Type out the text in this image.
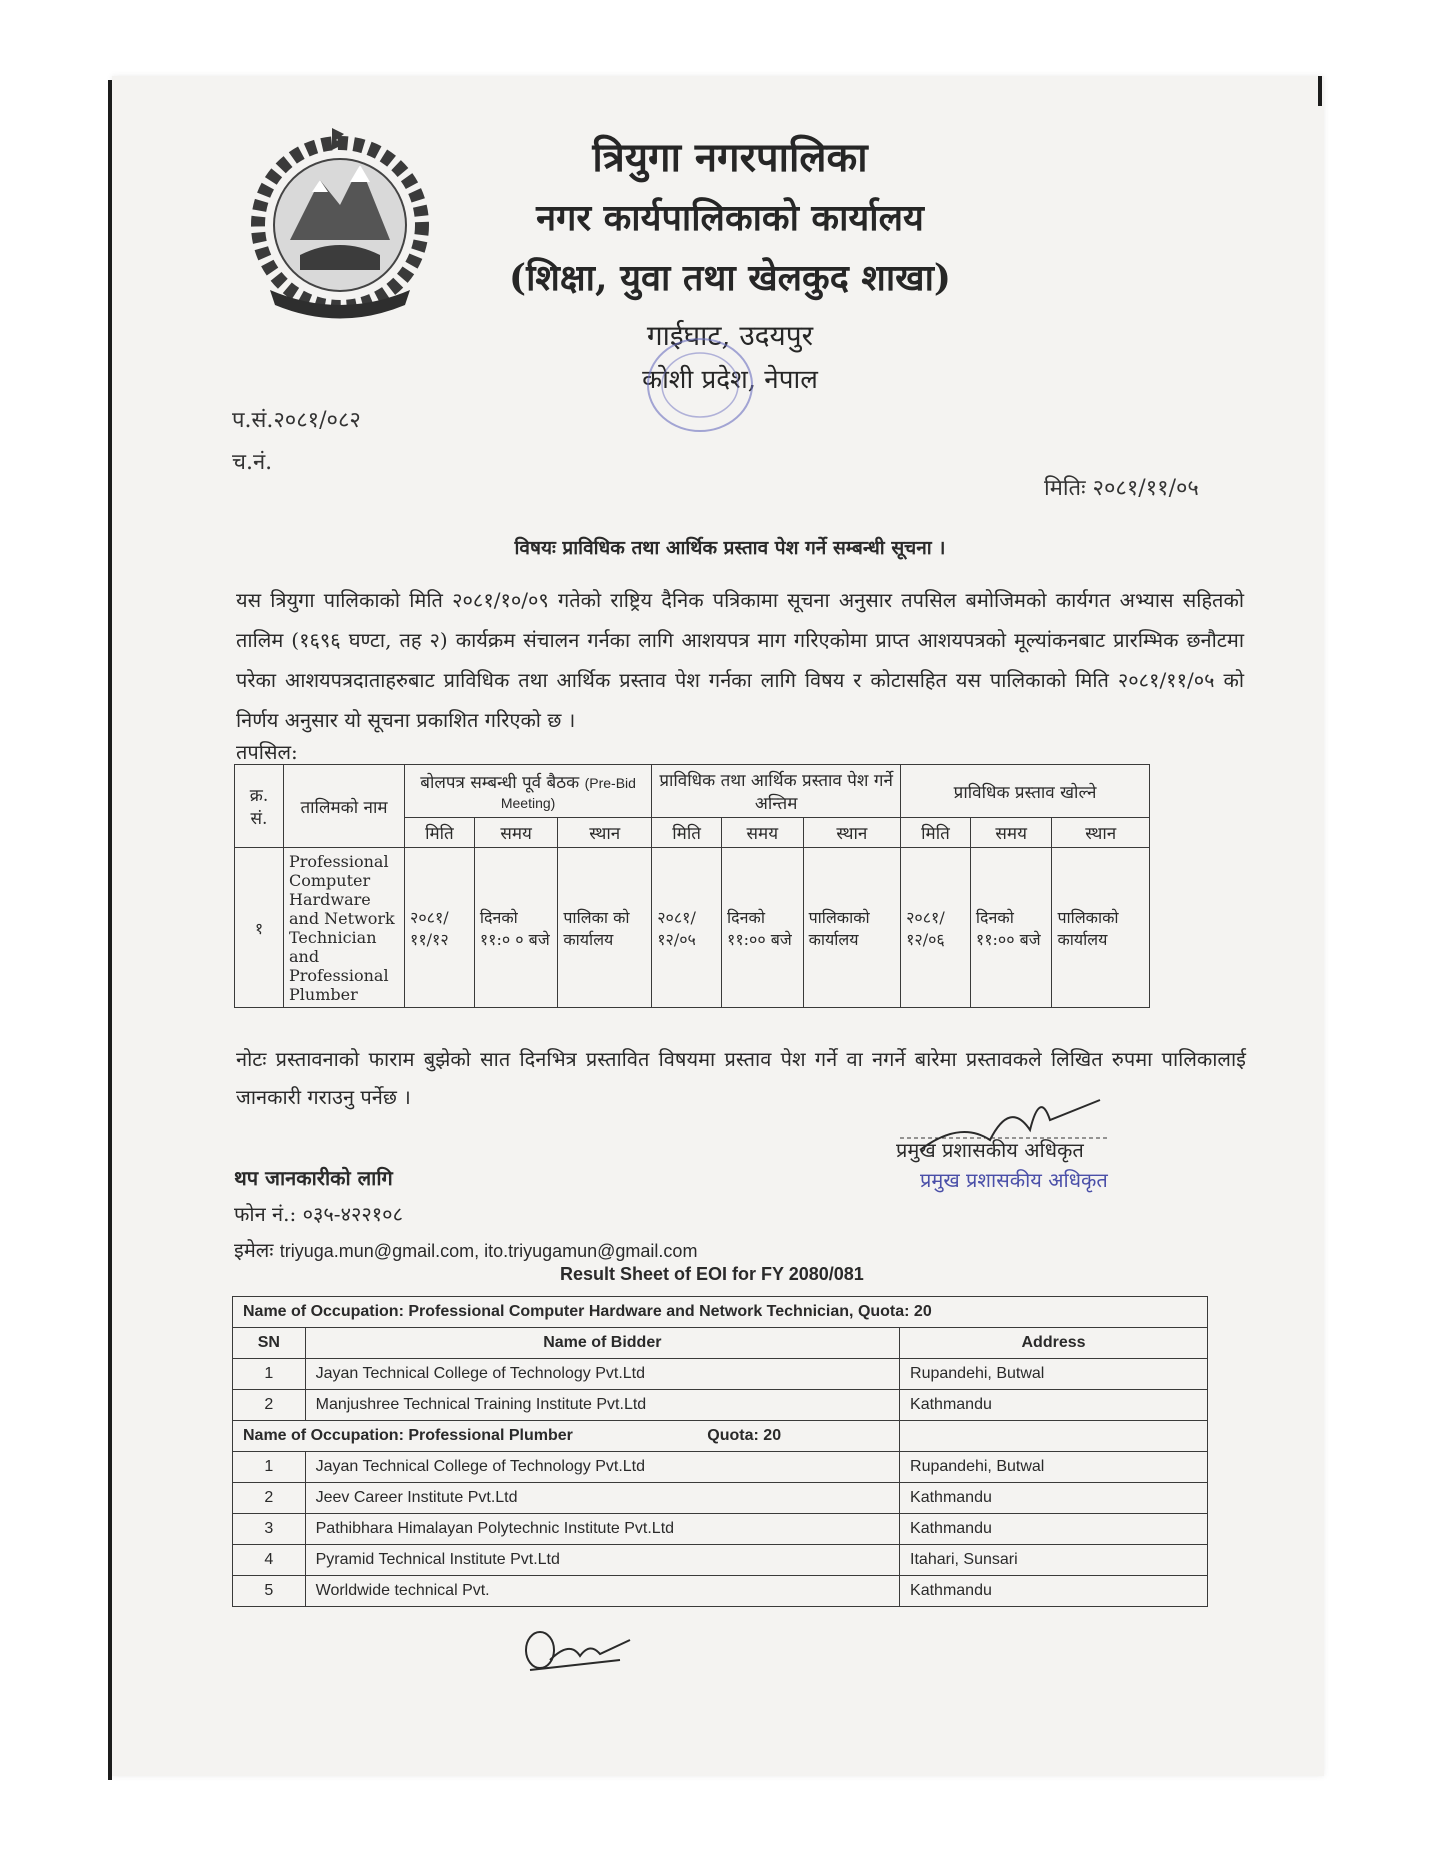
त्रियुगा नगरपालिका
नगर कार्यपालिकाको कार्यालय
(शिक्षा, युवा तथा खेलकुद शाखा)
गाईघाट, उदयपुर
कोशी प्रदेश, नेपाल
प.सं.२०८१/०८२
च.नं.
मितिः २०८१/११/०५
विषयः प्राविधिक तथा आर्थिक प्रस्ताव पेश गर्ने सम्बन्धी सूचना ।
यस त्रियुगा पालिकाको मिति २०८१/१०/०९ गतेको राष्ट्रिय दैनिक पत्रिकामा सूचना अनुसार तपसिल बमोजिमको कार्यगत अभ्यास सहितको तालिम (१६९६ घण्टा, तह २) कार्यक्रम संचालन गर्नका लागि आशयपत्र माग गरिएकोमा प्राप्त आशयपत्रको मूल्यांकनबाट प्रारम्भिक छनौटमा परेका आशयपत्रदाताहरुबाट प्राविधिक तथा आर्थिक प्रस्ताव पेश गर्नका लागि विषय र कोटासहित यस पालिकाको मिति २०८१/११/०५ को निर्णय अनुसार यो सूचना प्रकाशित गरिएको छ ।
तपसिल:
क्र. सं.	तालिमको नाम	बोलपत्र सम्बन्धी पूर्व बैठक (Pre-Bid Meeting)			प्राविधिक तथा आर्थिक प्रस्ताव पेश गर्ने अन्तिम			प्राविधिक प्रस्ताव खोल्ने		
		मिति	समय	स्थान	मिति	समय	स्थान	मिति	समय	स्थान
१	Professional Computer Hardware and Network Technician and Professional Plumber	२०८१/ ११/१२	दिनको ११:० ० बजे	पालिका को कार्यालय	२०८१/ १२/०५	दिनको ११:०० बजे	पालिकाको कार्यालय	२०८१/ १२/०६	दिनको ११:०० बजे	पालिकाको कार्यालय
नोटः प्रस्तावनाको फाराम बुझेको सात दिनभित्र प्रस्तावित विषयमा प्रस्ताव पेश गर्ने वा नगर्ने बारेमा प्रस्तावकले लिखित रुपमा पालिकालाई जानकारी गराउनु पर्नेछ ।
प्रमुख प्रशासकीय अधिकृत
प्रमुख प्रशासकीय अधिकृत
थप जानकारीको लागि
फोन नं.: ०३५-४२२१०८
इमेलः triyuga.mun@gmail.com, ito.triyugamun@gmail.com
Result Sheet of EOI for FY 2080/081
Name of Occupation: Professional Computer Hardware and Network Technician, Quota: 20		
SN	Name of Bidder	Address
1	Jayan Technical College of Technology Pvt.Ltd	Rupandehi, Butwal
2	Manjushree Technical Training Institute Pvt.Ltd	Kathmandu
Name of Occupation: Professional Plumber Quota: 20		
1	Jayan Technical College of Technology Pvt.Ltd	Rupandehi, Butwal
2	Jeev Career Institute Pvt.Ltd	Kathmandu
3	Pathibhara Himalayan Polytechnic Institute Pvt.Ltd	Kathmandu
4	Pyramid Technical Institute Pvt.Ltd	Itahari, Sunsari
5	Worldwide technical Pvt.	Kathmandu
